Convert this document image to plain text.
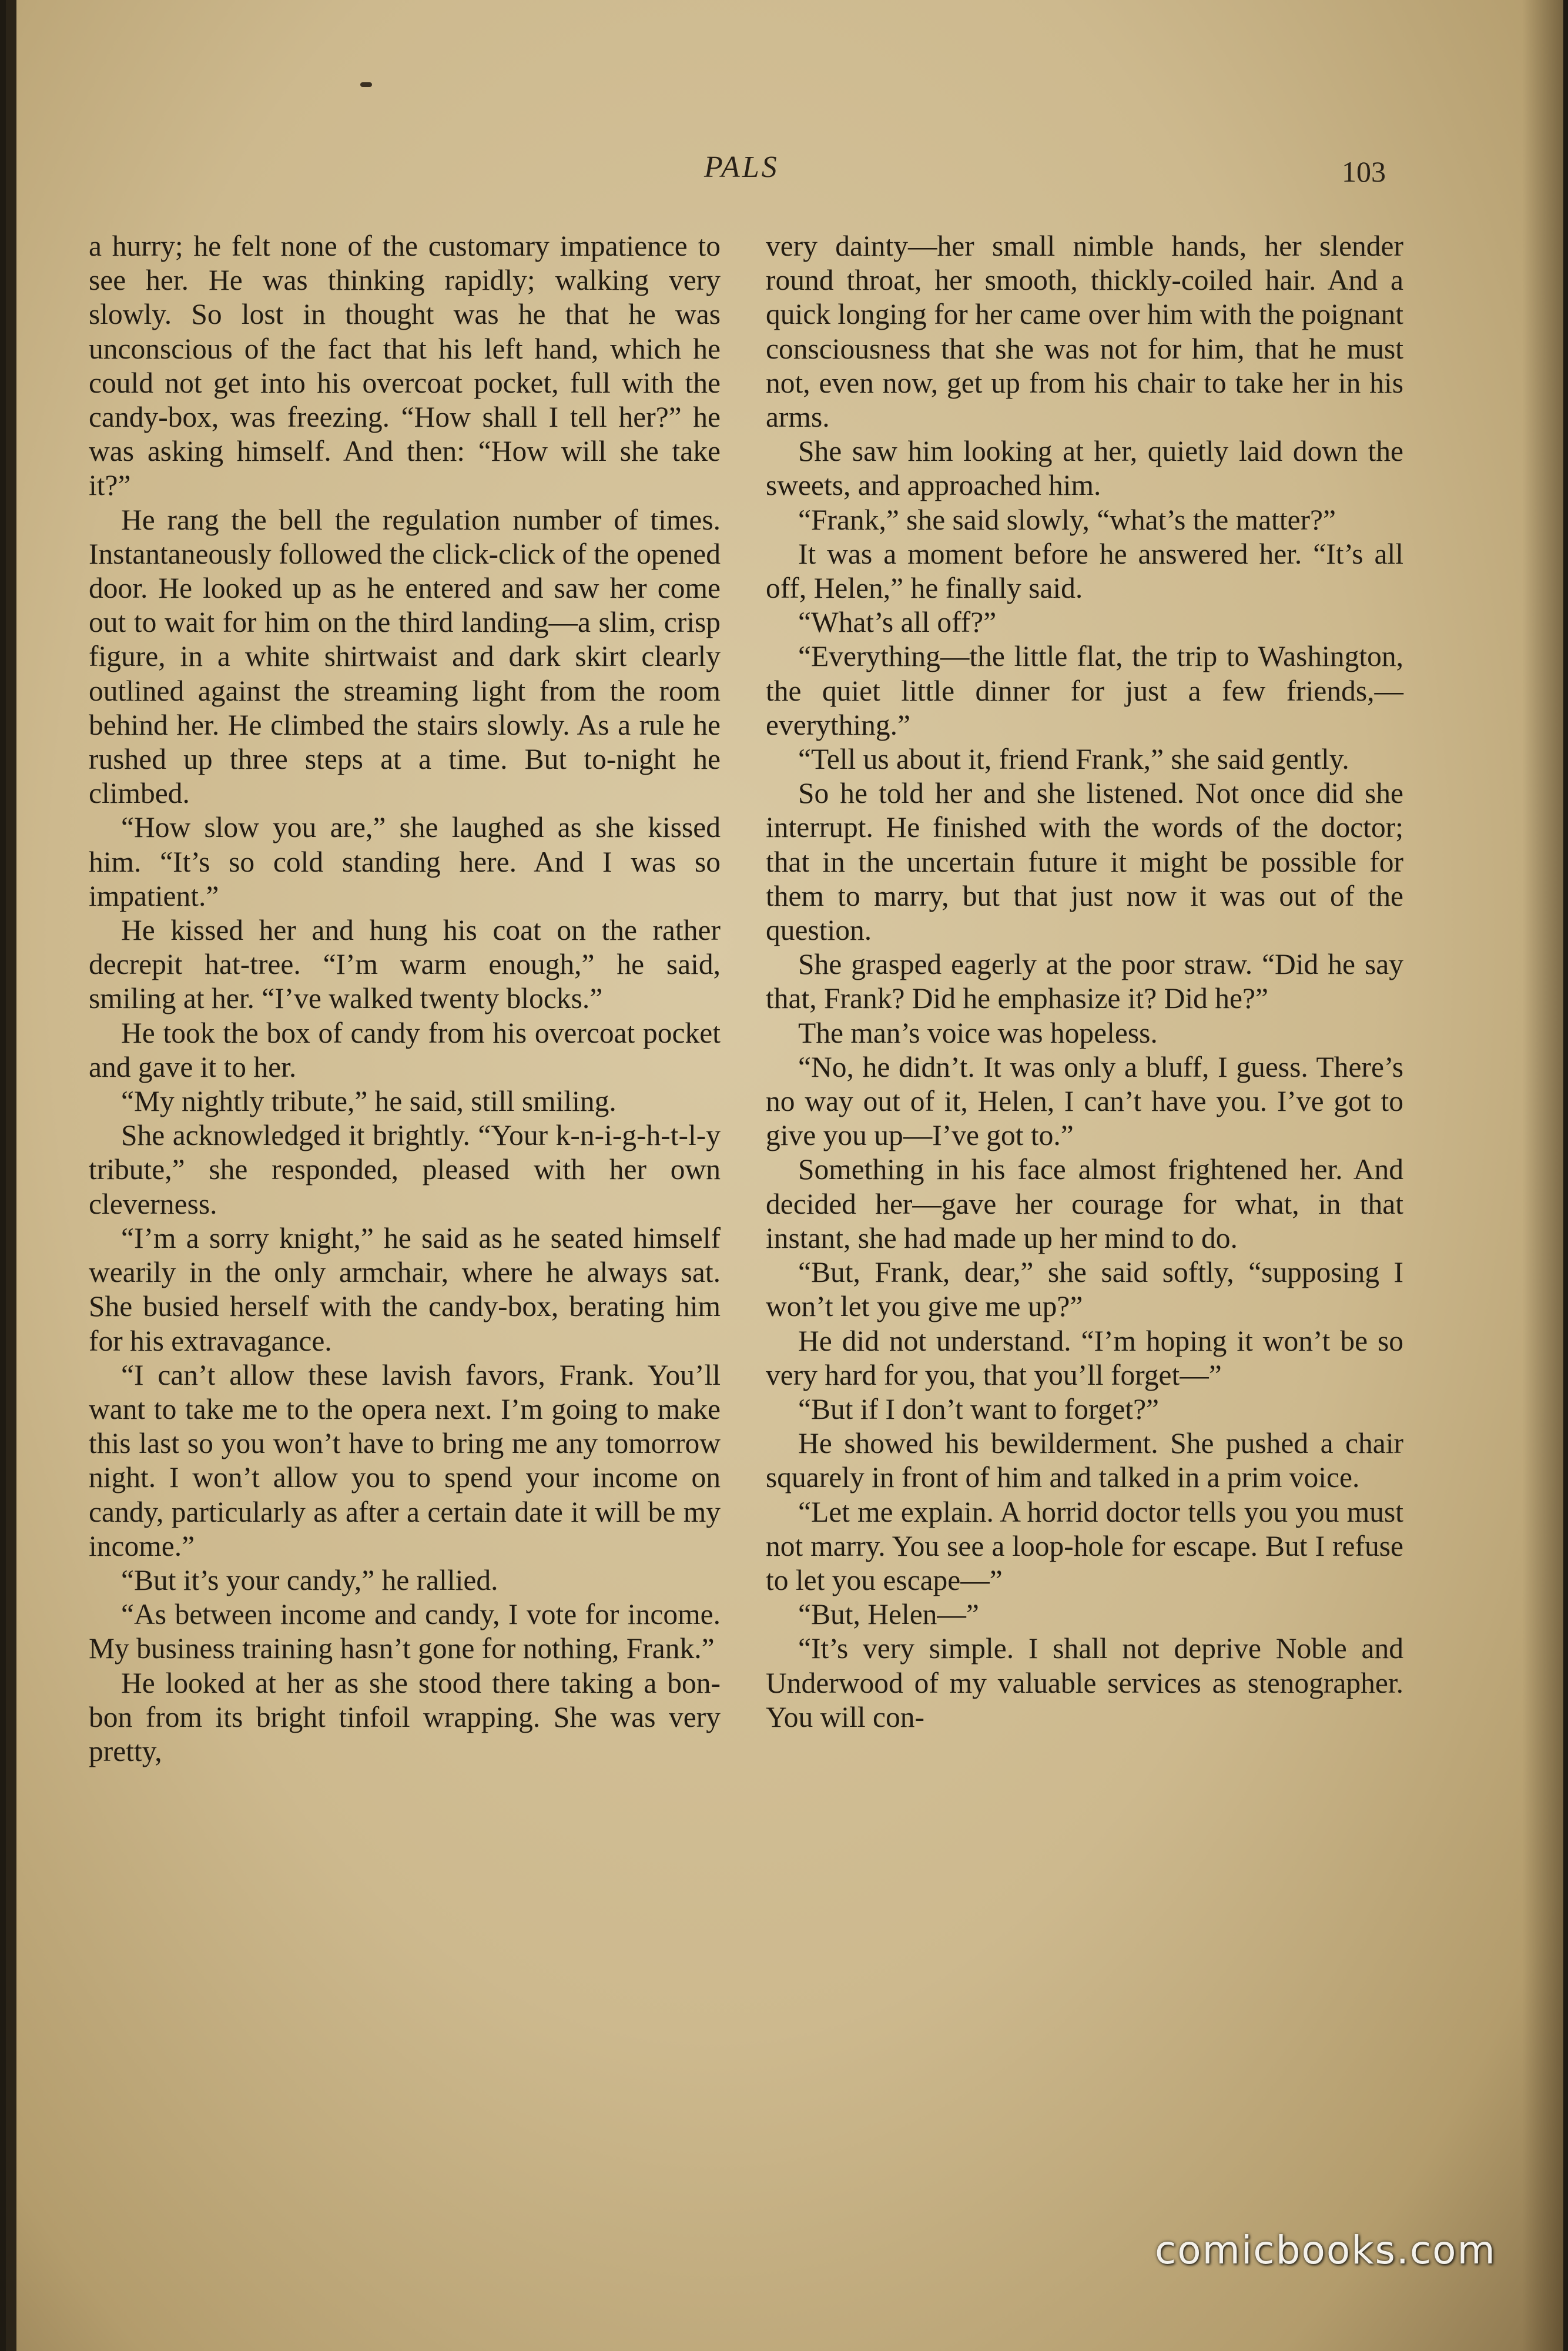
PALS	103

a hurry; he felt none of the customary impatience to see her. He was thinking rapidly; walking very slowly. So lost in thought was he that he was unconscious of the fact that his left hand, which he could not get into his overcoat pocket, full with the candy-box, was freezing. “How shall I tell her?” he was asking himself. And then: “How will she take it?”

He rang the bell the regulation number of times. Instantaneously followed the click-click of the opened door. He looked up as he entered and saw her come out to wait for him on the third landing—a slim, crisp figure, in a white shirtwaist and dark skirt clearly outlined against the streaming light from the room behind her. He climbed the stairs slowly. As a rule he rushed up three steps at a time. But to-night he climbed.

“How slow you are,” she laughed as she kissed him. “It’s so cold standing here. And I was so impatient.”

He kissed her and hung his coat on the rather decrepit hat-tree. “I’m warm enough,” he said, smiling at her. “I’ve walked twenty blocks.”

He took the box of candy from his overcoat pocket and gave it to her.

“My nightly tribute,” he said, still smiling.

She acknowledged it brightly. “Your k-n-i-g-h-t-l-y tribute,” she responded, pleased with her own cleverness.

“I’m a sorry knight,” he said as he seated himself wearily in the only armchair, where he always sat. She busied herself with the candy-box, berating him for his extravagance.

“I can’t allow these lavish favors, Frank. You’ll want to take me to the opera next. I’m going to make this last so you won’t have to bring me any tomorrow night. I won’t allow you to spend your income on candy, particularly as after a certain date it will be my income.”

“But it’s your candy,” he rallied.

“As between income and candy, I vote for income. My business training hasn’t gone for nothing, Frank.”

He looked at her as she stood there taking a bon-bon from its bright tinfoil wrapping. She was very pretty,

very dainty—her small nimble hands, her slender round throat, her smooth, thickly-coiled hair. And a quick longing for her came over him with the poignant consciousness that she was not for him, that he must not, even now, get up from his chair to take her in his arms.

She saw him looking at her, quietly laid down the sweets, and approached him.

“Frank,” she said slowly, “what’s the matter?”

It was a moment before he answered her. “It’s all off, Helen,” he finally said.

“What’s all off?”

“Everything—the little flat, the trip to Washington, the quiet little dinner for just a few friends,—everything.”

“Tell us about it, friend Frank,” she said gently.

So he told her and she listened. Not once did she interrupt. He finished with the words of the doctor; that in the uncertain future it might be possible for them to marry, but that just now it was out of the question.

She grasped eagerly at the poor straw. “Did he say that, Frank? Did he emphasize it? Did he?”

The man’s voice was hopeless.

“No, he didn’t. It was only a bluff, I guess. There’s no way out of it, Helen, I can’t have you. I’ve got to give you up—I’ve got to.”

Something in his face almost frightened her. And decided her—gave her courage for what, in that instant, she had made up her mind to do.

“But, Frank, dear,” she said softly, “supposing I won’t let you give me up?”

He did not understand. “I’m hoping it won’t be so very hard for you, that you’ll forget—”

“But if I don’t want to forget?”

He showed his bewilderment. She pushed a chair squarely in front of him and talked in a prim voice.

“Let me explain. A horrid doctor tells you you must not marry. You see a loop-hole for escape. But I refuse to let you escape—”

“But, Helen—”

“It’s very simple. I shall not deprive Noble and Underwood of my valuable services as stenographer. You will con-

comicbooks.com
